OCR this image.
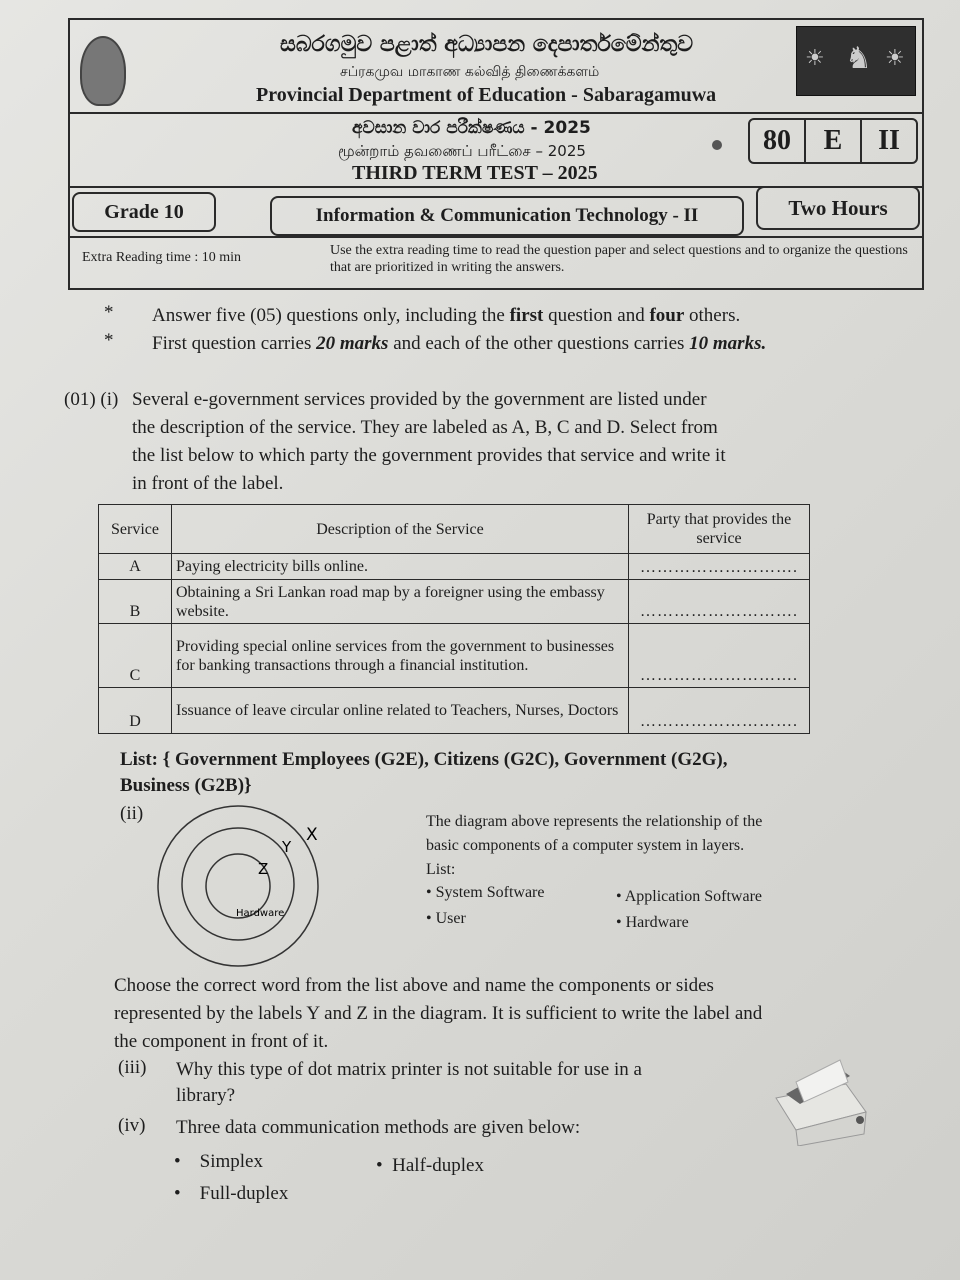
සබරගමුව පළාත් අධ්‍යාපන දෙපාර්තමේන්තුව
சப்ரகமுவ மாகாண கல்வித் திணைக்களம்
Provincial Department of Education - Sabaragamuwa
☀ ♞ ☀
අවසාන වාර පරීක්ෂණය - 2025
மூன்றாம் தவணைப் பரீட்சை – 2025
THIRD TERM TEST – 2025
80	E	II
Grade 10	Information & Communication Technology - II	Two Hours
Extra Reading time : 10 min	Use the extra reading time to read the question paper and select questions and to organize the questions that are prioritized in writing the answers.
* Answer five (05) questions only, including the first question and four others.
* First question carries 20 marks and each of the other questions carries 10 marks.
(01) (i) Several e-government services provided by the government are listed under
the description of the service. They are labeled as A, B, C and D. Select from
the list below to which party the government provides that service and write it
in front of the label.
Service	Description of the Service	Party that provides the service
A	Paying electricity bills online.	……………………….
B	Obtaining a Sri Lankan road map by a foreigner using the embassy website.	……………………….
C	Providing special online services from the government to businesses for banking transactions through a financial institution.	……………………….
D	Issuance of leave circular online related to Teachers, Nurses, Doctors	……………………….
List: { Government Employees (G2E), Citizens (G2C), Government (G2G),
Business (G2B)}
(ii)
X
Y
Z
Hardware
The diagram above represents the relationship of the
basic components of a computer system in layers.
List:
• System Software
• User
• Application Software
• Hardware
Choose the correct word from the list above and name the components or sides
represented by the labels Y and Z in the diagram. It is sufficient to write the label and
the component in front of it.
(iii) Why this type of dot matrix printer is not suitable for use in a
library?
(iv) Three data communication methods are given below:
•    Simplex	•  Half-duplex
•    Full-duplex
